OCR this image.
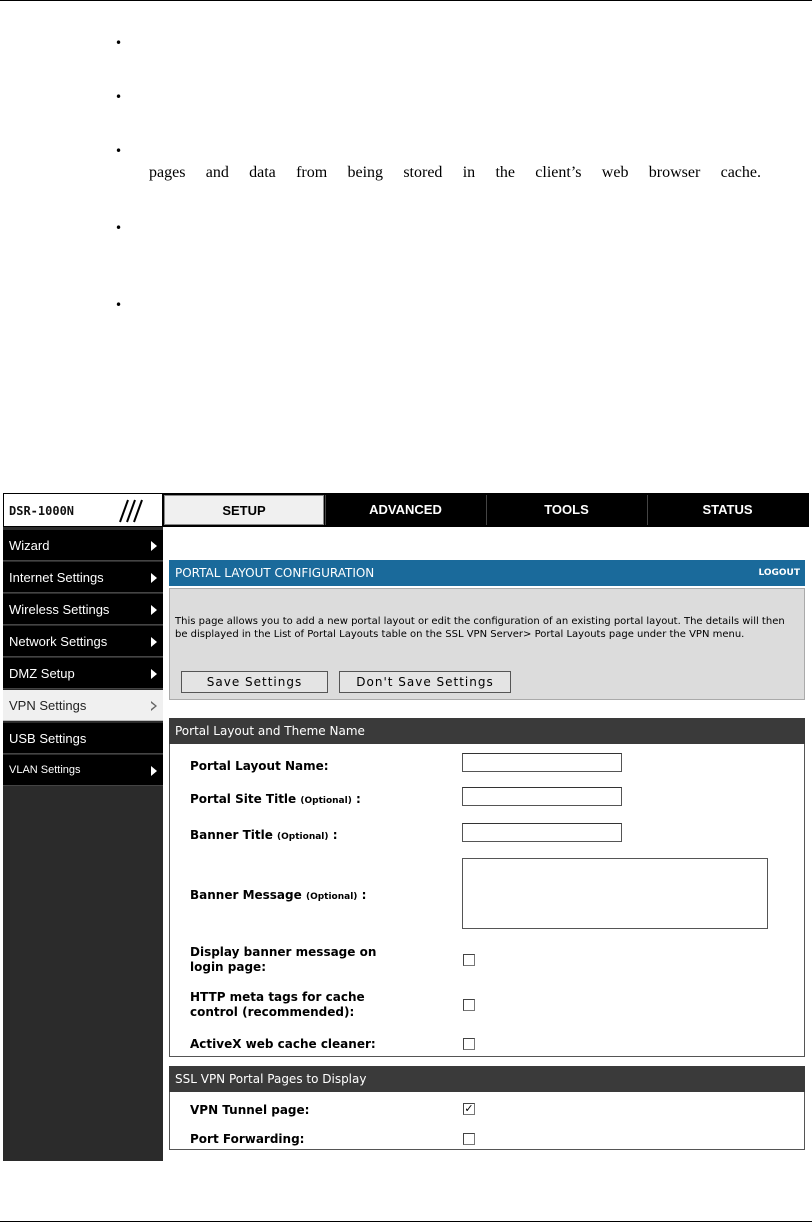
•
•
•
pages and data from being stored in the client’s web browser cache.
•
•
DSR-1000N	SETUP	ADVANCED	TOOLS	STATUS
Wizard
Internet Settings
Wireless Settings
Network Settings
DMZ Setup
VPN Settings
USB Settings
VLAN Settings
This page allows you to add a new portal layout or edit the configuration of an existing portal layout. The details will then be displayed in the List of Portal Layouts table on the SSL VPN Server> Portal Layouts page under the VPN menu.
PORTAL LAYOUT CONFIGURATION	LOGOUT
Save Settings	Don't Save Settings
Portal Layout and Theme Name
Portal Layout Name:
Portal Site Title (Optional) :
Banner Title (Optional) :
Banner Message (Optional) :
Display banner message on login page:
HTTP meta tags for cache control (recommended):
ActiveX web cache cleaner:
SSL VPN Portal Pages to Display
VPN Tunnel page:	✓
Port Forwarding:
